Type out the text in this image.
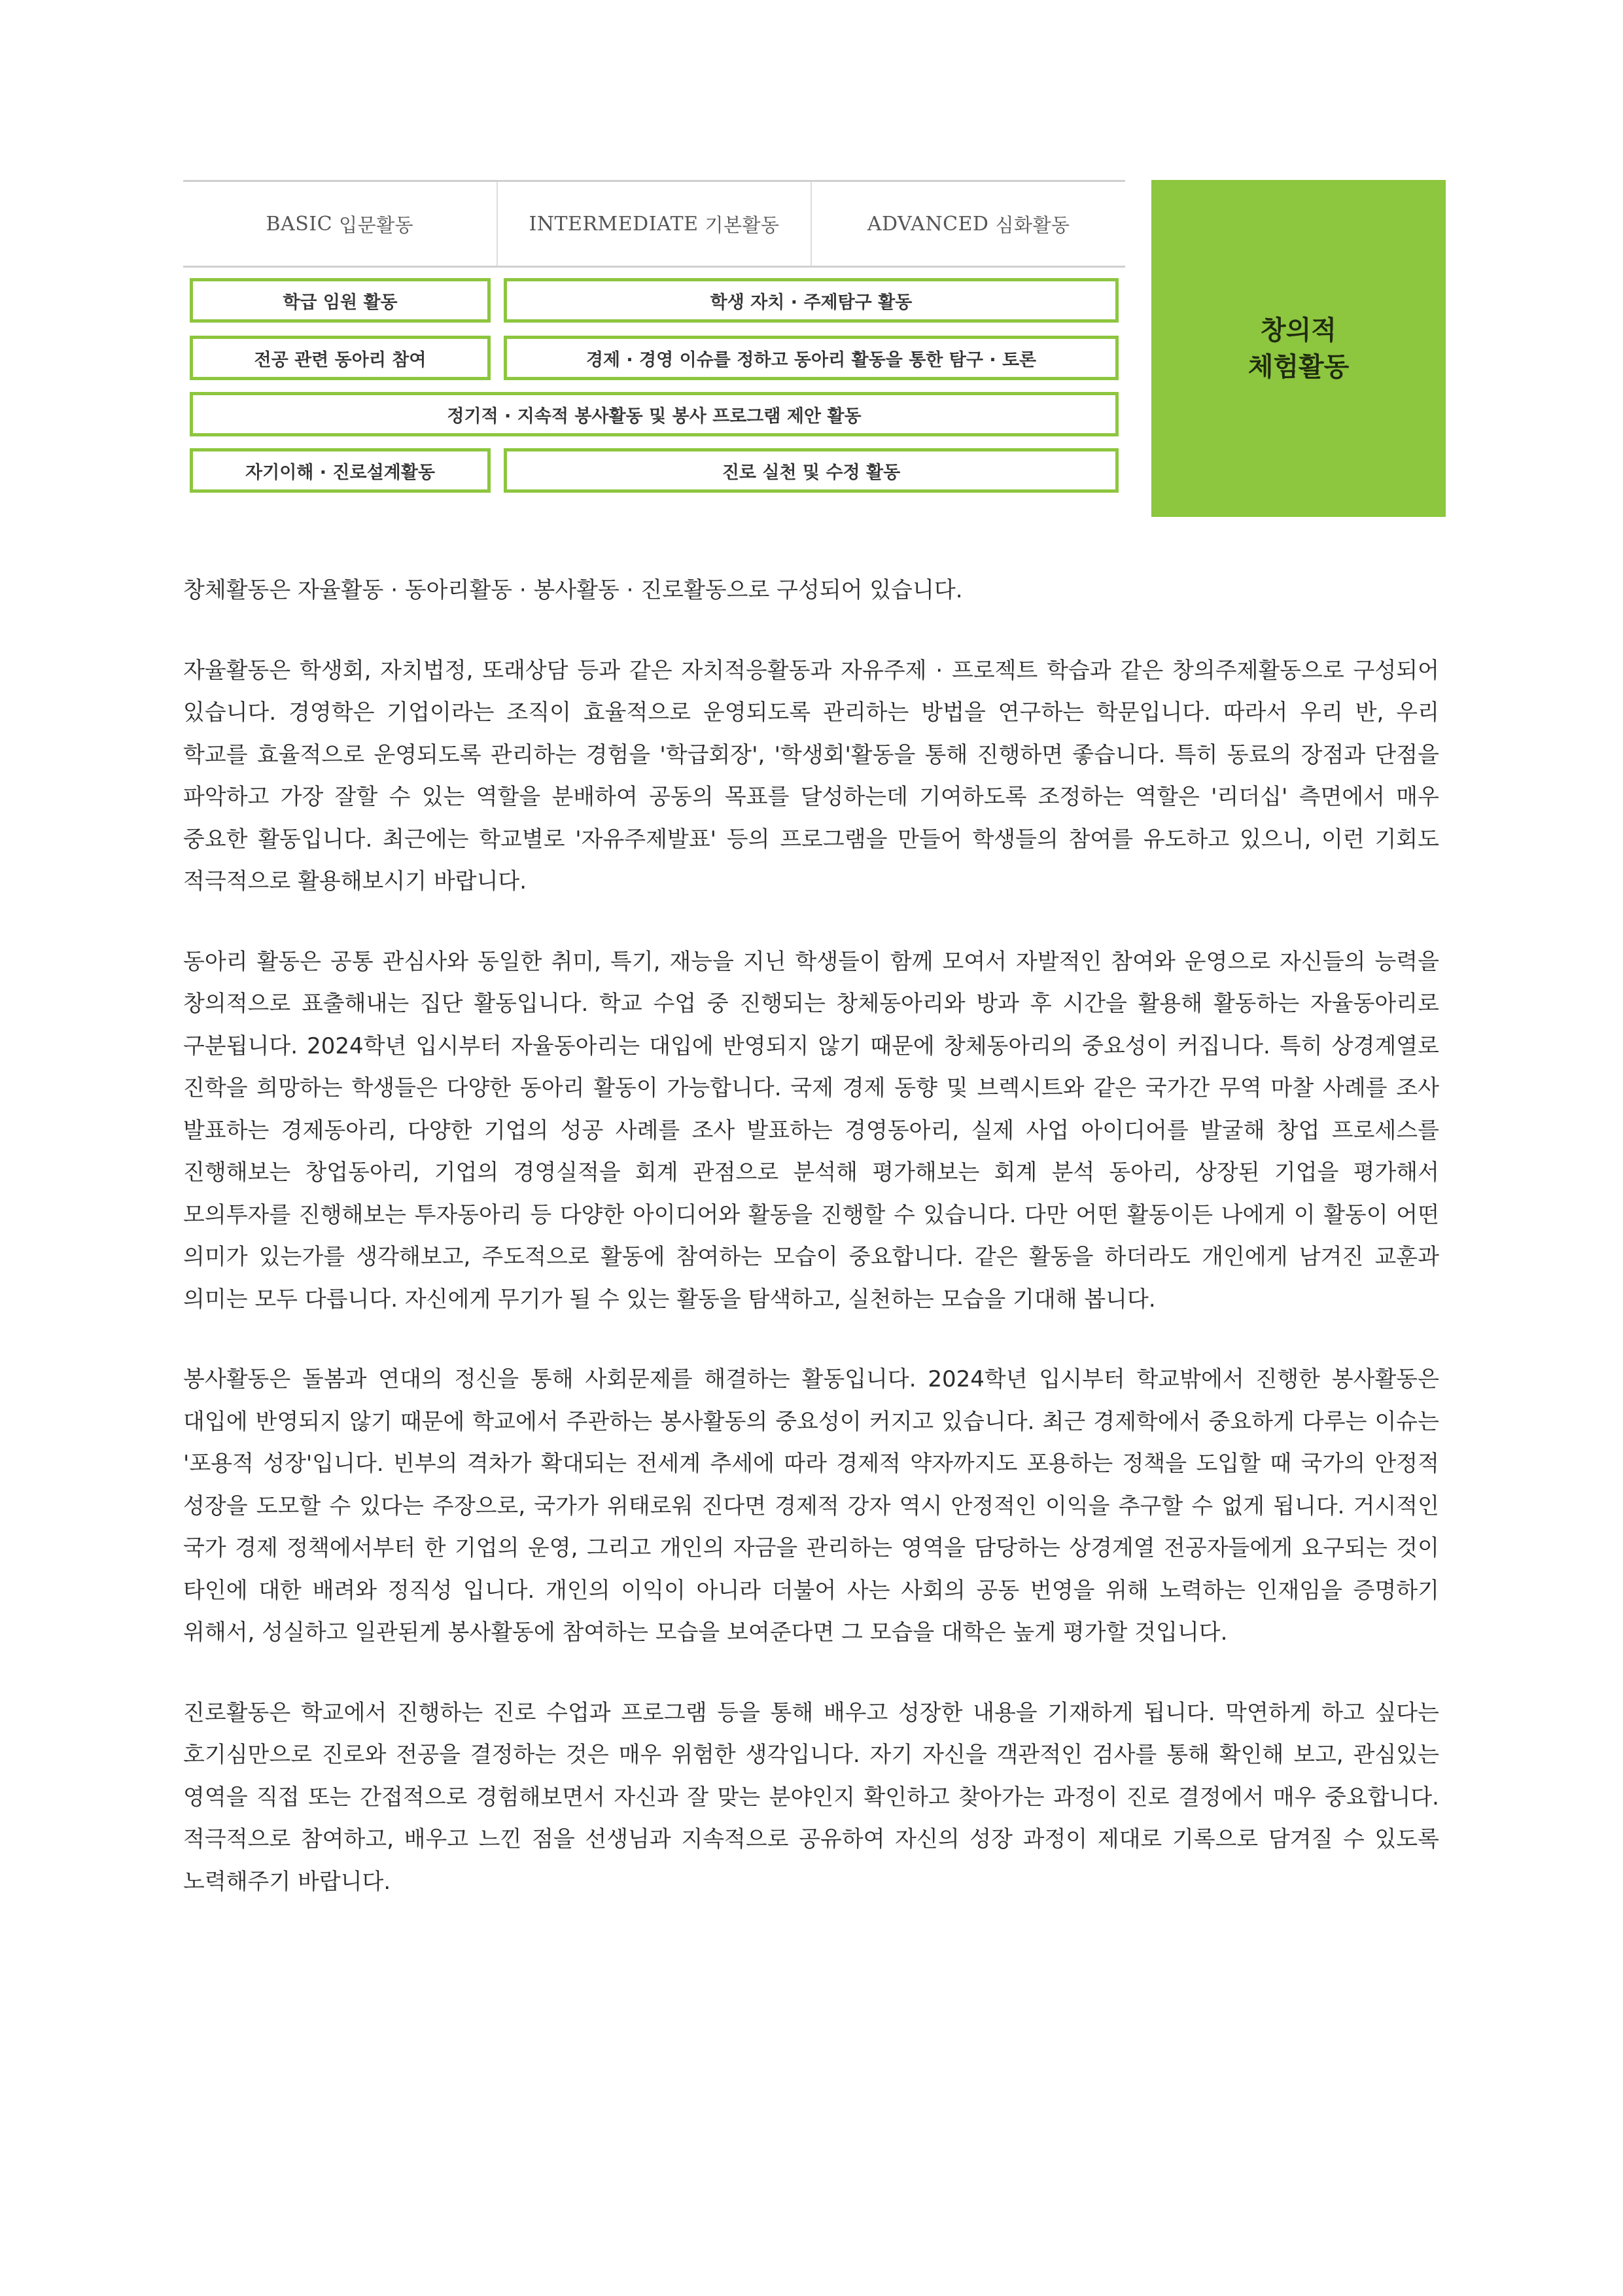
BASIC 입문활동	INTERMEDIATE 기본활동	ADVANCED 심화활동
학급 임원 활동	학생 자치 · 주제탐구 활동
전공 관련 동아리 참여	경제 · 경영 이슈를 정하고 동아리 활동을 통한 탐구 · 토론
정기적 · 지속적 봉사활동 및 봉사 프로그램 제안 활동
자기이해 · 진로설계활동	진로 실천 및 수정 활동
창의적
체험활동

창체활동은 자율활동 · 동아리활동 · 봉사활동 · 진로활동으로 구성되어 있습니다.

자율활동은 학생회, 자치법정, 또래상담 등과 같은 자치적응활동과 자유주제 · 프로젝트 학습과 같은 창의주제활동으로 구성되어 있습니다. 경영학은 기업이라는 조직이 효율적으로 운영되도록 관리하는 방법을 연구하는 학문입니다. 따라서 우리 반, 우리 학교를 효율적으로 운영되도록 관리하는 경험을 '학급회장', '학생회'활동을 통해 진행하면 좋습니다. 특히 동료의 장점과 단점을 파악하고 가장 잘할 수 있는 역할을 분배하여 공동의 목표를 달성하는데 기여하도록 조정하는 역할은 '리더십' 측면에서 매우 중요한 활동입니다. 최근에는 학교별로 '자유주제발표' 등의 프로그램을 만들어 학생들의 참여를 유도하고 있으니, 이런 기회도 적극적으로 활용해보시기 바랍니다.

동아리 활동은 공통 관심사와 동일한 취미, 특기, 재능을 지닌 학생들이 함께 모여서 자발적인 참여와 운영으로 자신들의 능력을 창의적으로 표출해내는 집단 활동입니다. 학교 수업 중 진행되는 창체동아리와 방과 후 시간을 활용해 활동하는 자율동아리로 구분됩니다. 2024학년 입시부터 자율동아리는 대입에 반영되지 않기 때문에 창체동아리의 중요성이 커집니다. 특히 상경계열로 진학을 희망하는 학생들은 다양한 동아리 활동이 가능합니다. 국제 경제 동향 및 브렉시트와 같은 국가간 무역 마찰 사례를 조사 발표하는 경제동아리, 다양한 기업의 성공 사례를 조사 발표하는 경영동아리, 실제 사업 아이디어를 발굴해 창업 프로세스를 진행해보는 창업동아리, 기업의 경영실적을 회계 관점으로 분석해 평가해보는 회계 분석 동아리, 상장된 기업을 평가해서 모의투자를 진행해보는 투자동아리 등 다양한 아이디어와 활동을 진행할 수 있습니다. 다만 어떤 활동이든 나에게 이 활동이 어떤 의미가 있는가를 생각해보고, 주도적으로 활동에 참여하는 모습이 중요합니다. 같은 활동을 하더라도 개인에게 남겨진 교훈과 의미는 모두 다릅니다. 자신에게 무기가 될 수 있는 활동을 탐색하고, 실천하는 모습을 기대해 봅니다.

봉사활동은 돌봄과 연대의 정신을 통해 사회문제를 해결하는 활동입니다. 2024학년 입시부터 학교밖에서 진행한 봉사활동은 대입에 반영되지 않기 때문에 학교에서 주관하는 봉사활동의 중요성이 커지고 있습니다. 최근 경제학에서 중요하게 다루는 이슈는 '포용적 성장'입니다. 빈부의 격차가 확대되는 전세계 추세에 따라 경제적 약자까지도 포용하는 정책을 도입할 때 국가의 안정적 성장을 도모할 수 있다는 주장으로, 국가가 위태로워 진다면 경제적 강자 역시 안정적인 이익을 추구할 수 없게 됩니다. 거시적인 국가 경제 정책에서부터 한 기업의 운영, 그리고 개인의 자금을 관리하는 영역을 담당하는 상경계열 전공자들에게 요구되는 것이 타인에 대한 배려와 정직성 입니다. 개인의 이익이 아니라 더불어 사는 사회의 공동 번영을 위해 노력하는 인재임을 증명하기 위해서, 성실하고 일관된게 봉사활동에 참여하는 모습을 보여준다면 그 모습을 대학은 높게 평가할 것입니다.

진로활동은 학교에서 진행하는 진로 수업과 프로그램 등을 통해 배우고 성장한 내용을 기재하게 됩니다. 막연하게 하고 싶다는 호기심만으로 진로와 전공을 결정하는 것은 매우 위험한 생각입니다. 자기 자신을 객관적인 검사를 통해 확인해 보고, 관심있는 영역을 직접 또는 간접적으로 경험해보면서 자신과 잘 맞는 분야인지 확인하고 찾아가는 과정이 진로 결정에서 매우 중요합니다. 적극적으로 참여하고, 배우고 느낀 점을 선생님과 지속적으로 공유하여 자신의 성장 과정이 제대로 기록으로 담겨질 수 있도록 노력해주기 바랍니다.
